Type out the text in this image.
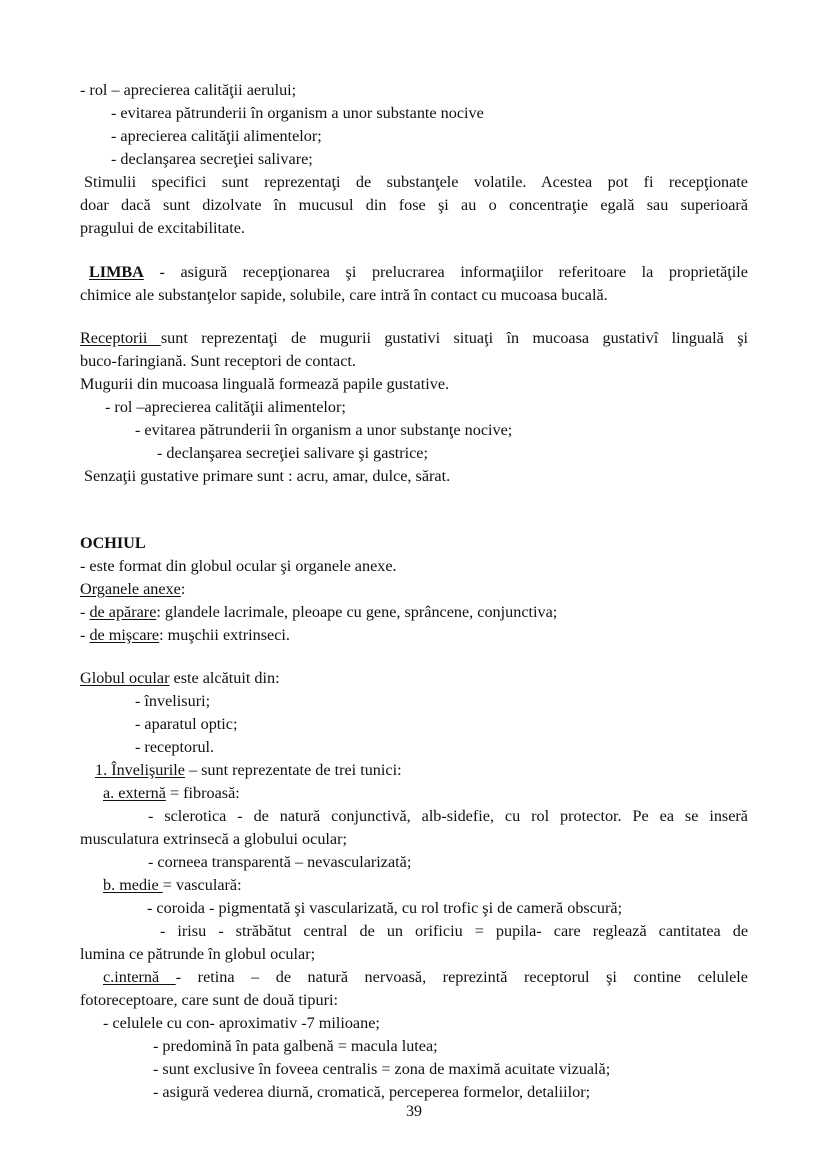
- rol – aprecierea calităţii aerului;
- evitarea pătrunderii în organism a unor substante nocive
- aprecierea calităţii alimentelor;
- declanşarea secreţiei salivare;
Stimulii specifici sunt reprezentaţi de substanţele volatile. Acestea pot fi recepţionate
doar dacă sunt dizolvate în mucusul din fose şi au o concentraţie egală sau superioară
pragului de excitabilitate.
LIMBA - asigură recepţionarea şi prelucrarea informaţiilor referitoare la proprietăţile
chimice ale substanţelor sapide, solubile, care intră în contact cu mucoasa bucală.
Receptorii sunt reprezentaţi de mugurii gustativi situaţi în mucoasa gustativî linguală şi
buco-faringiană. Sunt receptori de contact.
Mugurii din mucoasa linguală formează papile gustative.
- rol –aprecierea calităţii alimentelor;
- evitarea pătrunderii în organism a unor substanţe nocive;
- declanşarea secreţiei salivare şi gastrice;
Senzaţii gustative primare sunt : acru, amar, dulce, sărat.
OCHIUL
- este format din globul ocular şi organele anexe.
Organele anexe:
- de apărare: glandele lacrimale, pleoape cu gene, sprâncene, conjunctiva;
- de mişcare: muşchii extrinseci.
Globul ocular este alcătuit din:
- învelisuri;
- aparatul optic;
- receptorul.
1. Învelişurile – sunt reprezentate de trei tunici:
a. externă = fibroasă:
- sclerotica - de natură conjunctivă, alb-sidefie, cu rol protector. Pe ea se inseră
musculatura extrinsecă a globului ocular;
- corneea transparentă – nevascularizată;
b. medie = vasculară:
- coroida - pigmentată şi vascularizată, cu rol trofic şi de cameră obscură;
- irisu - străbătut central de un orificiu = pupila- care reglează cantitatea de
lumina ce pătrunde în globul ocular;
c.internă - retina – de natură nervoasă, reprezintă receptorul şi contine celulele
fotoreceptoare, care sunt de două tipuri:
- celulele cu con- aproximativ -7 milioane;
- predomină în pata galbenă = macula lutea;
- sunt exclusive în foveea centralis = zona de maximă acuitate vizuală;
- asigură vederea diurnă, cromatică, perceperea formelor, detaliilor;
39
